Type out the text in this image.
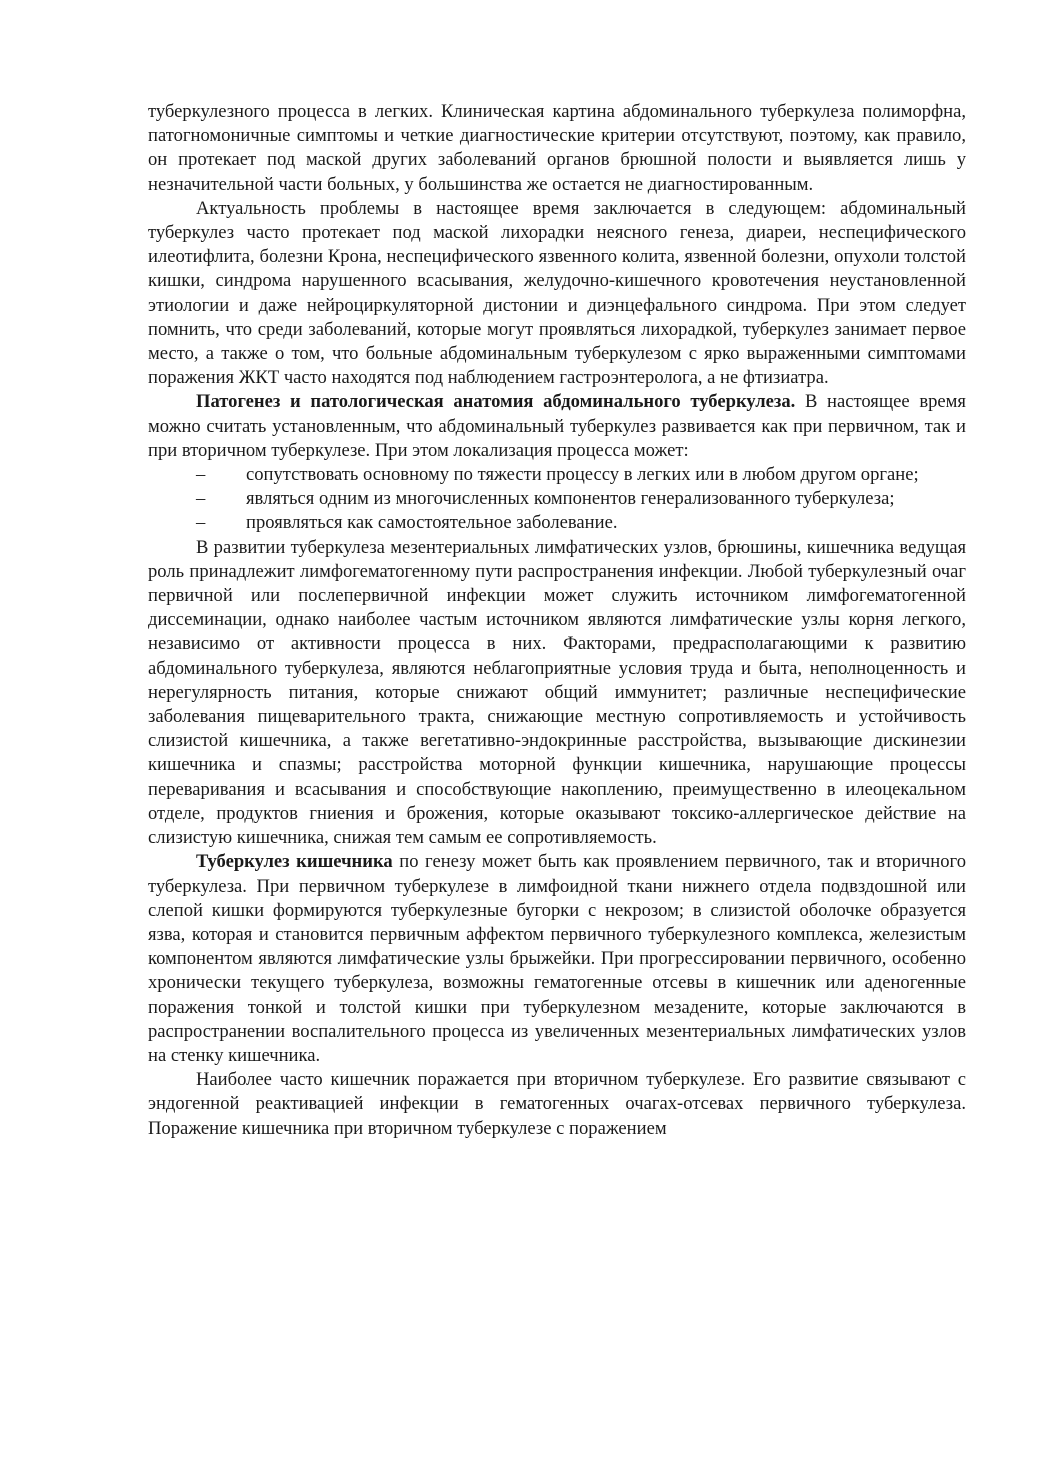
туберкулезного процесса в легких. Клиническая картина абдоминального туберкулеза полиморфна, патогномоничные симптомы и четкие диагностические критерии отсутствуют, поэтому, как правило, он протекает под маской других заболеваний органов брюшной полости и выявляется лишь у незначительной части больных, у большинства же остается не диагностированным.

Актуальность проблемы в настоящее время заключается в следующем: абдоминальный туберкулез часто протекает под маской лихорадки неясного генеза, диареи, неспецифического илеотифлита, болезни Крона, неспецифического язвенного колита, язвенной болезни, опухоли толстой кишки, синдрома нарушенного всасывания, желудочно-кишечного кровотечения неустановленной этиологии и даже нейроциркуляторной дистонии и диэнцефального синдрома. При этом следует помнить, что среди заболеваний, которые могут проявляться лихорадкой, туберкулез занимает первое место, а также о том, что больные абдоминальным туберкулезом с ярко выраженными симптомами поражения ЖКТ часто находятся под наблюдением гастроэнтеролога, а не фтизиатра.

Патогенез и патологическая анатомия абдоминального туберкулеза. В настоящее время можно считать установленным, что абдоминальный туберкулез развивается как при первичном, так и при вторичном туберкулезе. При этом локализация процесса может:

– сопутствовать основному по тяжести процессу в легких или в любом другом органе;

– являться одним из многочисленных компонентов генерализованного туберкулеза;

– проявляться как самостоятельное заболевание.

В развитии туберкулеза мезентериальных лимфатических узлов, брюшины, кишечника ведущая роль принадлежит лимфогематогенному пути распространения инфекции. Любой туберкулезный очаг первичной или послепервичной инфекции может служить источником лимфогематогенной диссеминации, однако наиболее частым источником являются лимфатические узлы корня легкого, независимо от активности процесса в них. Факторами, предрасполагающими к развитию абдоминального туберкулеза, являются неблагоприятные условия труда и быта, неполноценность и нерегулярность питания, которые снижают общий иммунитет; различные неспецифические заболевания пищеварительного тракта, снижающие местную сопротивляемость и устойчивость слизистой кишечника, а также вегетативно-эндокринные расстройства, вызывающие дискинезии кишечника и спазмы; расстройства моторной функции кишечника, нарушающие процессы переваривания и всасывания и способствующие накоплению, преимущественно в илеоцекальном отделе, продуктов гниения и брожения, которые оказывают токсико-аллергическое действие на слизистую кишечника, снижая тем самым ее сопротивляемость.

Туберкулез кишечника по генезу может быть как проявлением первичного, так и вторичного туберкулеза. При первичном туберкулезе в лимфоидной ткани нижнего отдела подвздошной или слепой кишки формируются туберкулезные бугорки с некрозом; в слизистой оболочке образуется язва, которая и становится первичным аффектом первичного туберкулезного комплекса, железистым компонентом являются лимфатические узлы брыжейки. При прогрессировании первичного, особенно хронически текущего туберкулеза, возможны гематогенные отсевы в кишечник или аденогенные поражения тонкой и толстой кишки при туберкулезном мезадените, которые заключаются в распространении воспалительного процесса из увеличенных мезентериальных лимфатических узлов на стенку кишечника.

Наиболее часто кишечник поражается при вторичном туберкулезе. Его развитие связывают с эндогенной реактивацией инфекции в гематогенных очагах-отсевах первичного туберкулеза. Поражение кишечника при вторичном туберкулезе с поражением
